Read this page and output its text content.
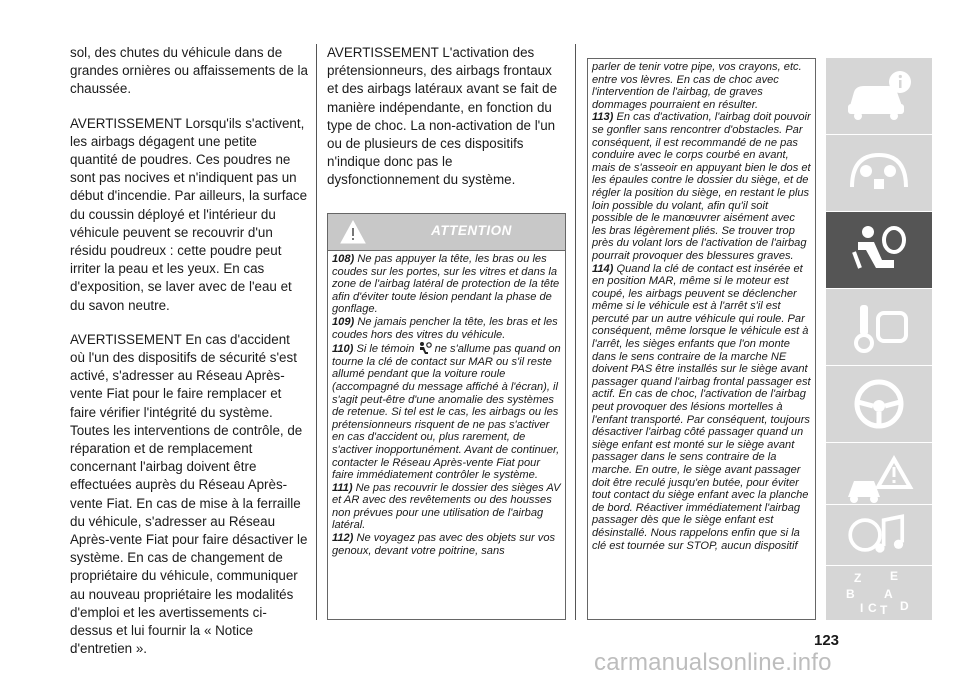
sol, des chutes du véhicule dans de grandes ornières ou affaissements de la chaussée.

AVERTISSEMENT Lorsqu'ils s'activent, les airbags dégagent une petite quantité de poudres. Ces poudres ne sont pas nocives et n'indiquent pas un début d'incendie. Par ailleurs, la surface du coussin déployé et l'intérieur du véhicule peuvent se recouvrir d'un résidu poudreux : cette poudre peut irriter la peau et les yeux. En cas d'exposition, se laver avec de l'eau et du savon neutre.

AVERTISSEMENT En cas d'accident où l'un des dispositifs de sécurité s'est activé, s'adresser au Réseau Après-vente Fiat pour le faire remplacer et faire vérifier l'intégrité du système. Toutes les interventions de contrôle, de réparation et de remplacement concernant l'airbag doivent être effectuées auprès du Réseau Après-vente Fiat. En cas de mise à la ferraille du véhicule, s'adresser au Réseau Après-vente Fiat pour faire désactiver le système. En cas de changement de propriétaire du véhicule, communiquer au nouveau propriétaire les modalités d'emploi et les avertissements ci-dessus et lui fournir la « Notice d'entretien ».

AVERTISSEMENT L'activation des prétensionneurs, des airbags frontaux et des airbags latéraux avant se fait de manière indépendante, en fonction du type de choc. La non-activation de l'un ou de plusieurs de ces dispositifs n'indique donc pas le dysfonctionnement du système.

ATTENTION

108) Ne pas appuyer la tête, les bras ou les coudes sur les portes, sur les vitres et dans la zone de l'airbag latéral de protection de la tête afin d'éviter toute lésion pendant la phase de gonflage.

109) Ne jamais pencher la tête, les bras et les coudes hors des vitres du véhicule.

110) Si le témoin ne s'allume pas quand on tourne la clé de contact sur MAR ou s'il reste allumé pendant que la voiture roule (accompagné du message affiché à l'écran), il s'agit peut-être d'une anomalie des systèmes de retenue. Si tel est le cas, les airbags ou les prétensionneurs risquent de ne pas s'activer en cas d'accident ou, plus rarement, de s'activer inopportunément. Avant de continuer, contacter le Réseau Après-vente Fiat pour faire immédiatement contrôler le système.

111) Ne pas recouvrir le dossier des sièges AV et AR avec des revêtements ou des housses non prévues pour une utilisation de l'airbag latéral.

112) Ne voyagez pas avec des objets sur vos genoux, devant votre poitrine, sans

parler de tenir votre pipe, vos crayons, etc. entre vos lèvres. En cas de choc avec l'intervention de l'airbag, de graves dommages pourraient en résulter.

113) En cas d'activation, l'airbag doit pouvoir se gonfler sans rencontrer d'obstacles. Par conséquent, il est recommandé de ne pas conduire avec le corps courbé en avant, mais de s'asseoir en appuyant bien le dos et les épaules contre le dossier du siège, et de régler la position du siège, en restant le plus loin possible du volant, afin qu'il soit possible de le manœuvrer aisément avec les bras légèrement pliés. Se trouver trop près du volant lors de l'activation de l'airbag pourrait provoquer des blessures graves.

114) Quand la clé de contact est insérée et en position MAR, même si le moteur est coupé, les airbags peuvent se déclencher même si le véhicule est à l'arrêt s'il est percuté par un autre véhicule qui roule. Par conséquent, même lorsque le véhicule est à l'arrêt, les sièges enfants que l'on monte dans le sens contraire de la marche NE doivent PAS être installés sur le siège avant passager quand l'airbag frontal passager est actif. En cas de choc, l'activation de l'airbag peut provoquer des lésions mortelles à l'enfant transporté. Par conséquent, toujours désactiver l'airbag côté passager quand un siège enfant est monté sur le siège avant passager dans le sens contraire de la marche. En outre, le siège avant passager doit être reculé jusqu'en butée, pour éviter tout contact du siège enfant avec la planche de bord. Réactiver immédiatement l'airbag passager dès que le siège enfant est désinstallé. Nous rappelons enfin que si la clé est tournée sur STOP, aucun dispositif

Z E
B A
I C T D
123
carmanualsonline.info
